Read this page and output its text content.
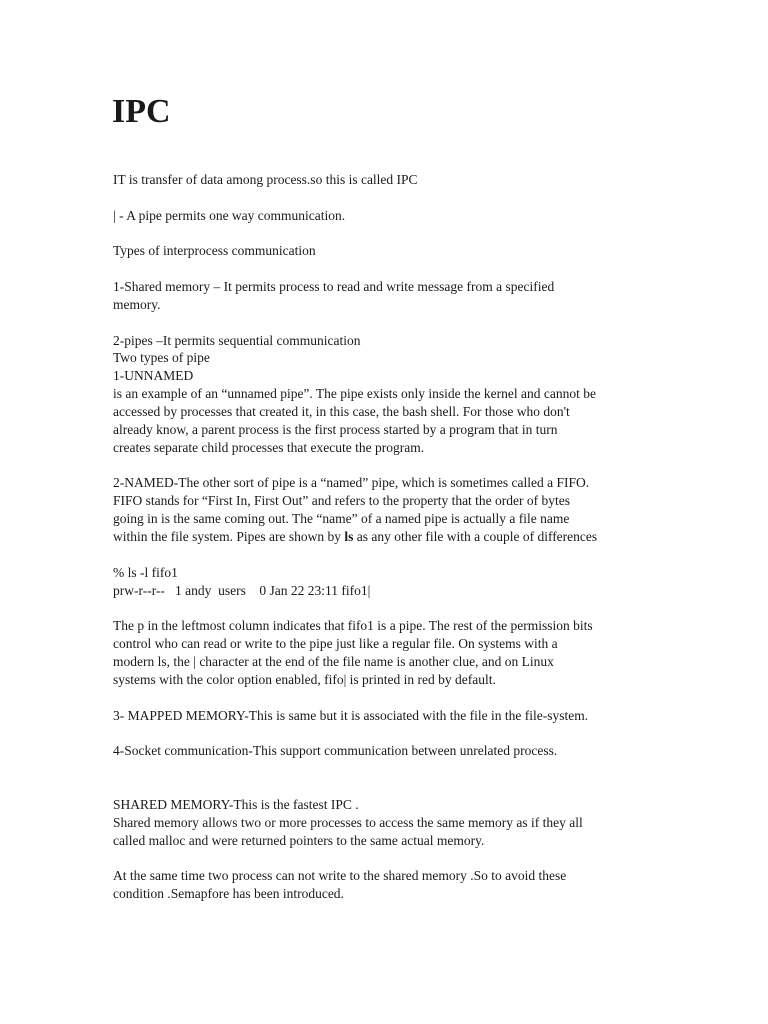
IPC

IT is transfer of data among process.so this is called IPC

| - A pipe permits one way communication.

Types of interprocess communication

1-Shared memory – It permits process to read and write message from a specified

memory.

2-pipes –It permits sequential communication

Two types of pipe

1-UNNAMED

is an example of an “unnamed pipe”. The pipe exists only inside the kernel and cannot be

accessed by processes that created it, in this case, the bash shell. For those who don't

already know, a parent process is the first process started by a program that in turn

creates separate child processes that execute the program.

2-NAMED-The other sort of pipe is a “named” pipe, which is sometimes called a FIFO.

FIFO stands for “First In, First Out” and refers to the property that the order of bytes

going in is the same coming out. The “name” of a named pipe is actually a file name

within the file system. Pipes are shown by ls as any other file with a couple of differences

% ls -l fifo1

prw-r--r--   1 andy  users    0 Jan 22 23:11 fifo1|

The p in the leftmost column indicates that fifo1 is a pipe. The rest of the permission bits

control who can read or write to the pipe just like a regular file. On systems with a

modern ls, the | character at the end of the file name is another clue, and on Linux

systems with the color option enabled, fifo| is printed in red by default.

3- MAPPED MEMORY-This is same but it is associated with the file in the file-system.

4-Socket communication-This support communication between unrelated process.

SHARED MEMORY-This is the fastest IPC .

Shared memory allows two or more processes to access the same memory as if they all

called malloc and were returned pointers to the same actual memory.

At the same time two process can not write to the shared memory .So to avoid these

condition .Semapfore has been introduced.
